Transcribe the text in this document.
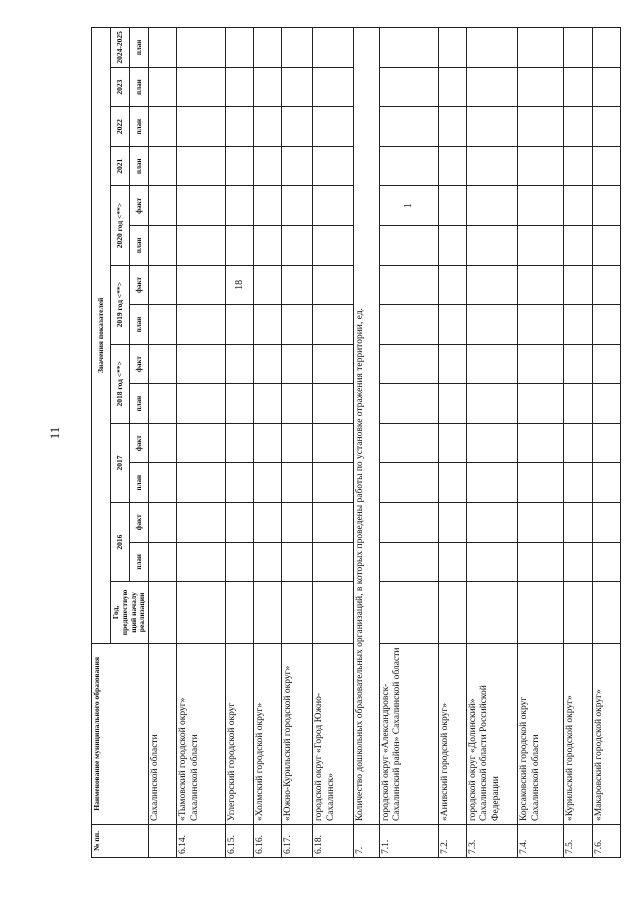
11
№ пп.	Наименование муниципального образования	Значения показателей														
		Год, предшествую щий началу реализации	2016		2017		2018 год <**>		2019 год <**>		2020 год <**>		2021	2022	2023	2024-2025
			план	факт	план	факт	план	факт	план	факт	план	факт	план	план	план	план
	Сахалинской области															
6.14.	«Тымовский городской округ» Сахалинской области															
6.15.	Углегорский городской округ									18						
6.16.	«Холмский городской округ»															
6.17.	«Южно-Курильский городской округ»															
6.18.	городской округ «Город Южно-Сахалинск»															
7.	Количество дошкольных образовательных организаций, в которых проведены работы по установке отражения территории, ед.															
7.1.	городской округ «Александровск-Сахалинский район» Сахалинской области											1				
7.2.	«Анивский городской округ»															
7.3.	городской округ «Долинский» Сахалинской области Российской Федерации															
7.4.	Корсаковский городской округ Сахалинской области															
7.5.	«Курильский городской округ»															
7.6.	«Макаровский городской округ»															
